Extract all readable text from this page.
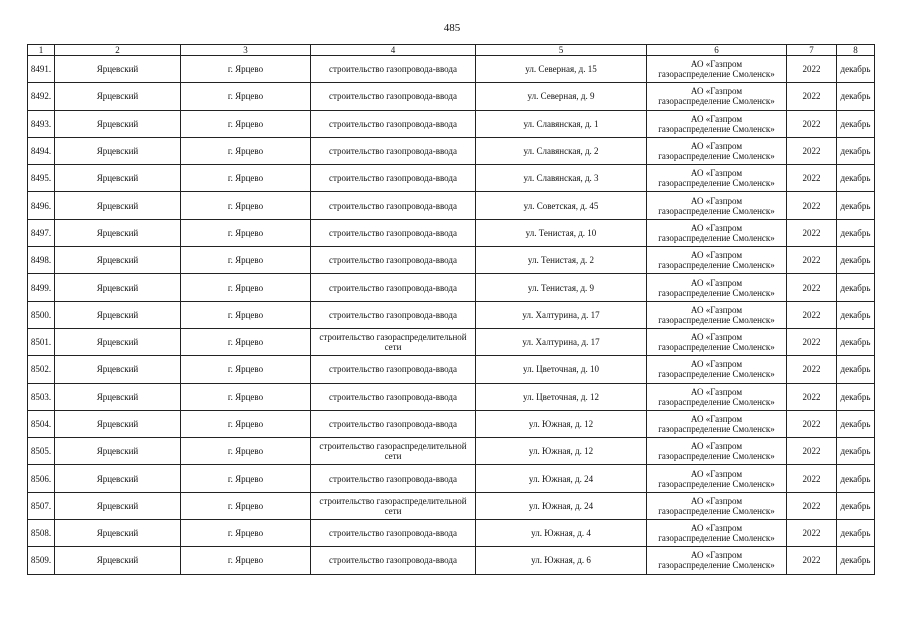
485
1	2	3	4	5	6	7	8
8491.	Ярцевский	г. Ярцево	строительство газопровода-ввода	ул. Северная, д. 15	АО «Газпром
газораспределение Смоленск»	2022	декабрь
8492.	Ярцевский	г. Ярцево	строительство газопровода-ввода	ул. Северная, д. 9	АО «Газпром
газораспределение Смоленск»	2022	декабрь
8493.	Ярцевский	г. Ярцево	строительство газопровода-ввода	ул. Славянская, д. 1	АО «Газпром
газораспределение Смоленск»	2022	декабрь
8494.	Ярцевский	г. Ярцево	строительство газопровода-ввода	ул. Славянская, д. 2	АО «Газпром
газораспределение Смоленск»	2022	декабрь
8495.	Ярцевский	г. Ярцево	строительство газопровода-ввода	ул. Славянская, д. 3	АО «Газпром
газораспределение Смоленск»	2022	декабрь
8496.	Ярцевский	г. Ярцево	строительство газопровода-ввода	ул. Советская, д. 45	АО «Газпром
газораспределение Смоленск»	2022	декабрь
8497.	Ярцевский	г. Ярцево	строительство газопровода-ввода	ул. Тенистая, д. 10	АО «Газпром
газораспределение Смоленск»	2022	декабрь
8498.	Ярцевский	г. Ярцево	строительство газопровода-ввода	ул. Тенистая, д. 2	АО «Газпром
газораспределение Смоленск»	2022	декабрь
8499.	Ярцевский	г. Ярцево	строительство газопровода-ввода	ул. Тенистая, д. 9	АО «Газпром
газораспределение Смоленск»	2022	декабрь
8500.	Ярцевский	г. Ярцево	строительство газопровода-ввода	ул. Халтурина, д. 17	АО «Газпром
газораспределение Смоленск»	2022	декабрь
8501.	Ярцевский	г. Ярцево	строительство газораспределительной сети	ул. Халтурина, д. 17	АО «Газпром
газораспределение Смоленск»	2022	декабрь
8502.	Ярцевский	г. Ярцево	строительство газопровода-ввода	ул. Цветочная, д. 10	АО «Газпром
газораспределение Смоленск»	2022	декабрь
8503.	Ярцевский	г. Ярцево	строительство газопровода-ввода	ул. Цветочная, д. 12	АО «Газпром
газораспределение Смоленск»	2022	декабрь
8504.	Ярцевский	г. Ярцево	строительство газопровода-ввода	ул. Южная, д. 12	АО «Газпром
газораспределение Смоленск»	2022	декабрь
8505.	Ярцевский	г. Ярцево	строительство газораспределительной сети	ул. Южная, д. 12	АО «Газпром
газораспределение Смоленск»	2022	декабрь
8506.	Ярцевский	г. Ярцево	строительство газопровода-ввода	ул. Южная, д. 24	АО «Газпром
газораспределение Смоленск»	2022	декабрь
8507.	Ярцевский	г. Ярцево	строительство газораспределительной сети	ул. Южная, д. 24	АО «Газпром
газораспределение Смоленск»	2022	декабрь
8508.	Ярцевский	г. Ярцево	строительство газопровода-ввода	ул. Южная, д. 4	АО «Газпром
газораспределение Смоленск»	2022	декабрь
8509.	Ярцевский	г. Ярцево	строительство газопровода-ввода	ул. Южная, д. 6	АО «Газпром
газораспределение Смоленск»	2022	декабрь
